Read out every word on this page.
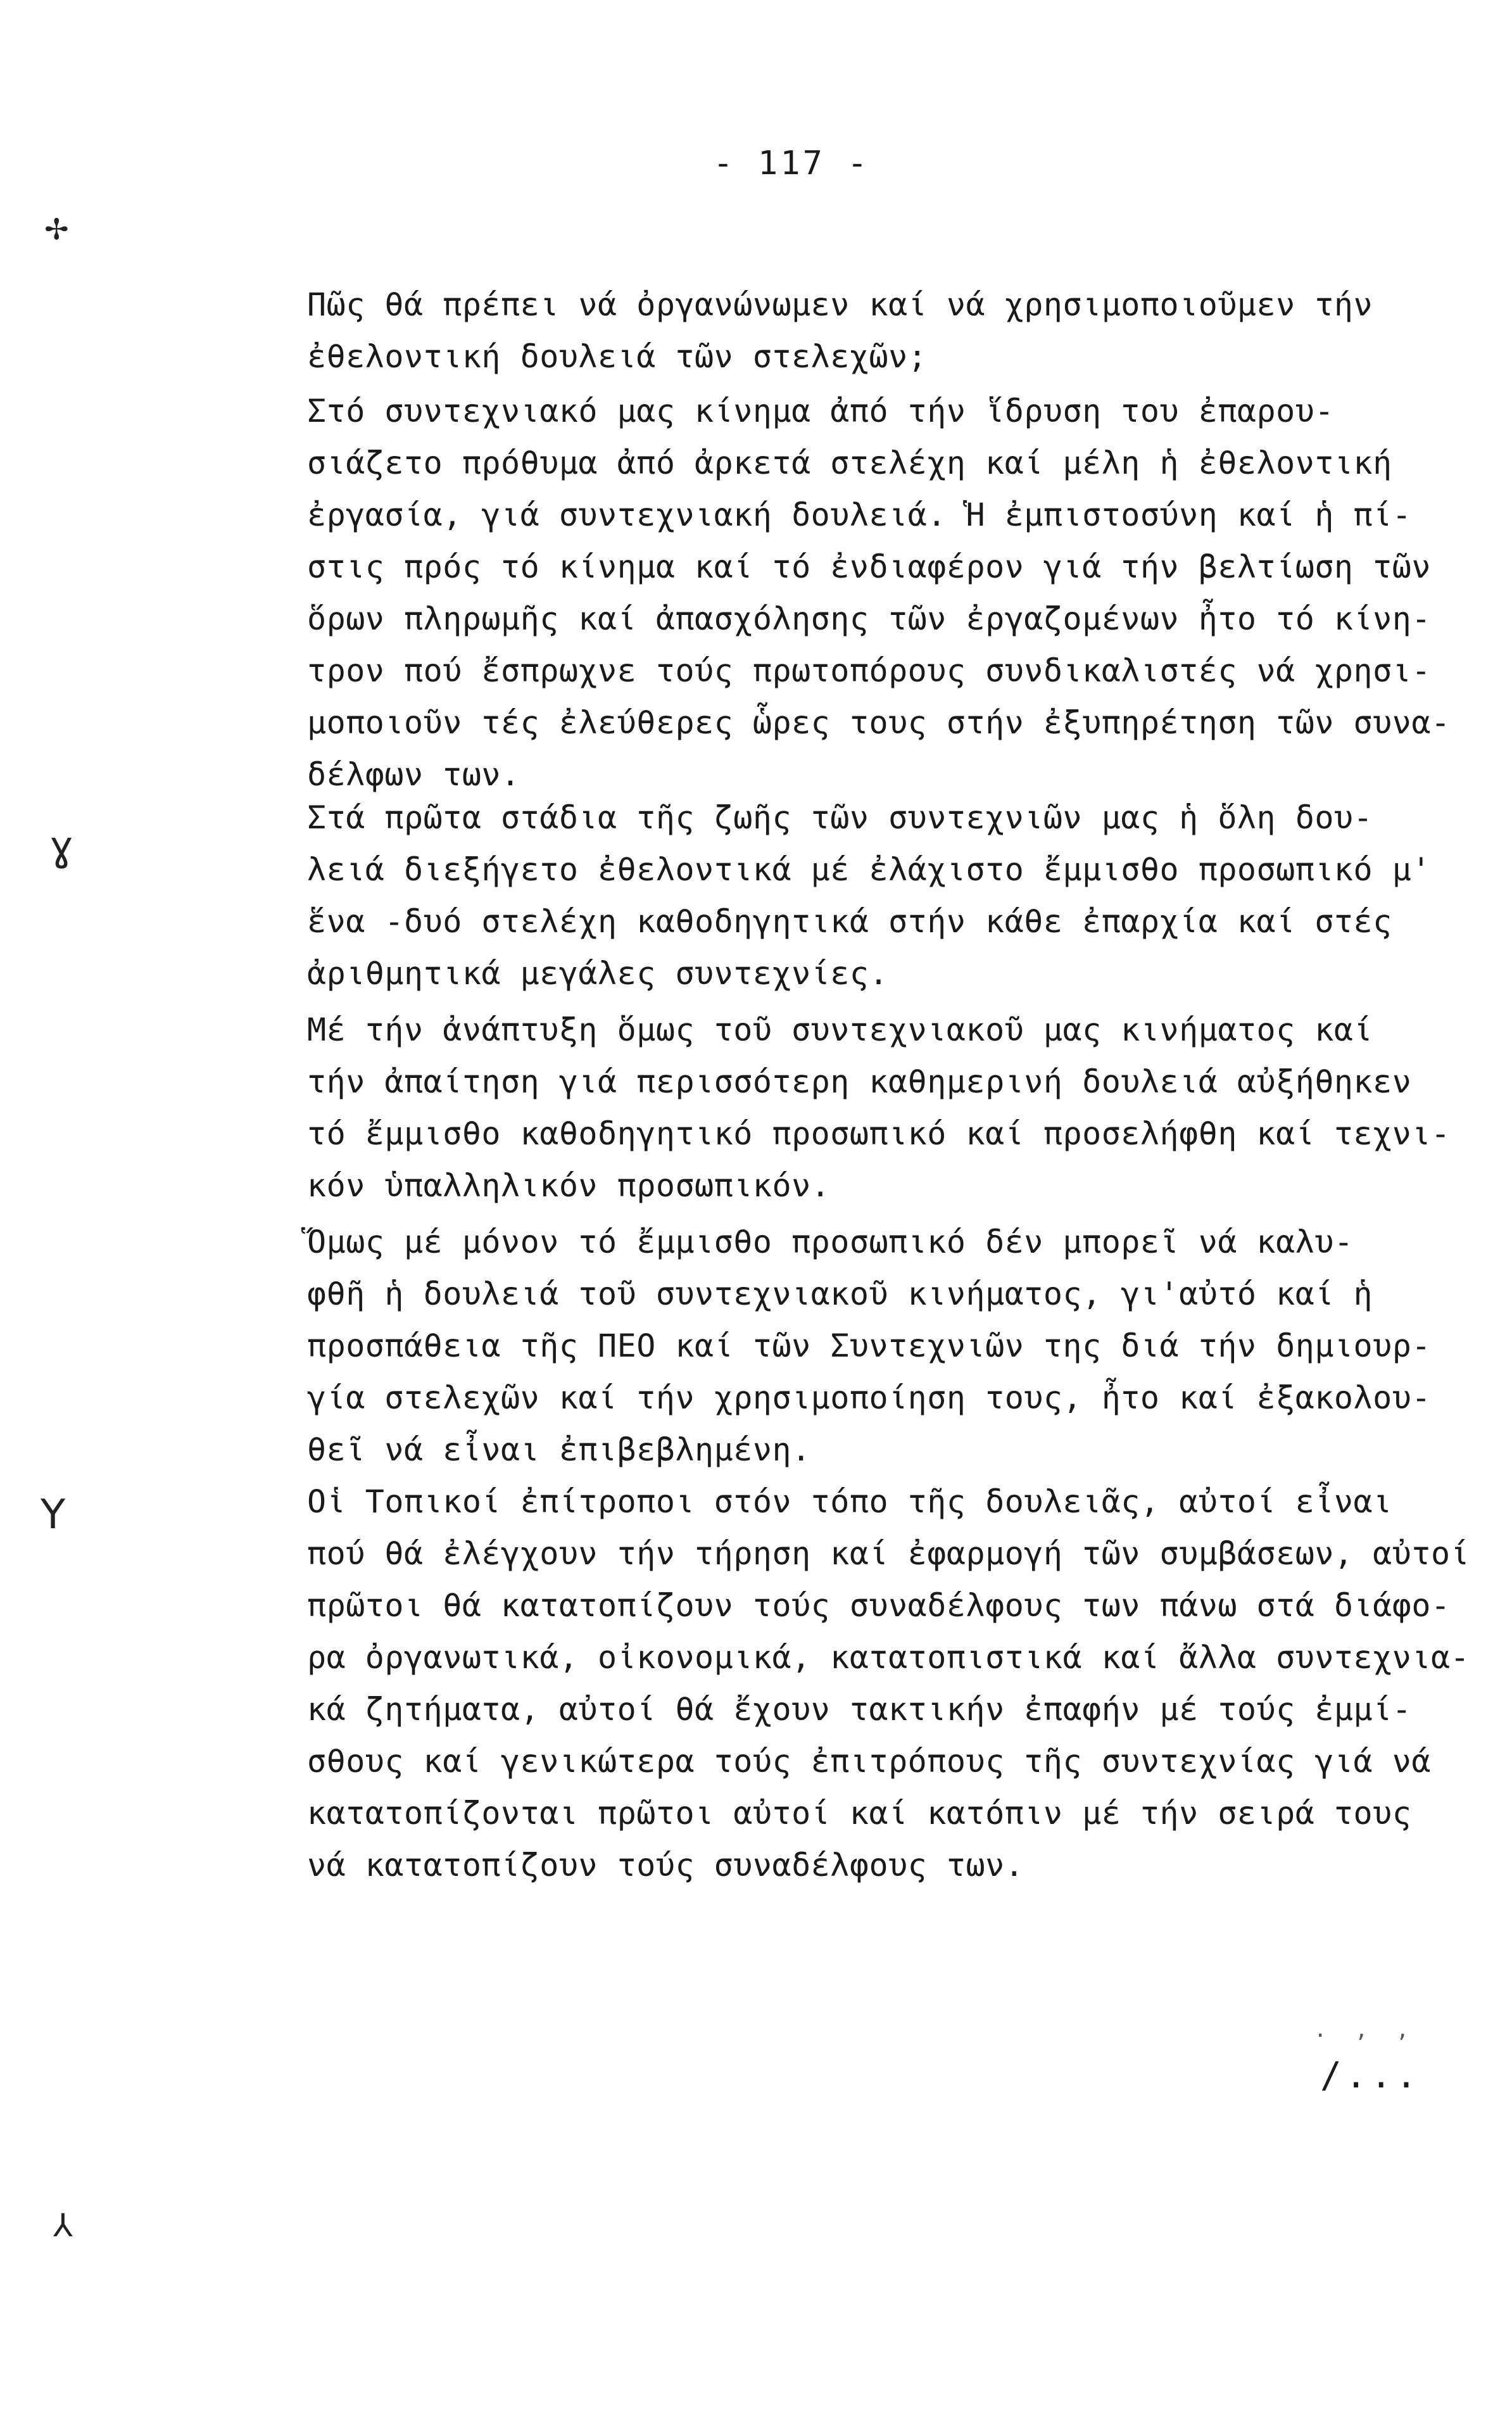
- 117 -
✢
ɣ
Y
⅄
Πῶς θά πρέπει νά ὀργανώνωμεν καί νά χρησιμοποιοῦμεν τήν
ἐθελοντική δουλειά τῶν στελεχῶν;
Στό συντεχνιακό μας κίνημα ἀπό τήν ἵδρυση του ἐπαρου-
σιάζετο πρόθυμα ἀπό ἀρκετά στελέχη καί μέλη ἡ ἐθελοντική
ἐργασία, γιά συντεχνιακή δουλειά. Ἡ ἐμπιστοσύνη καί ἡ πί-
στις πρός τό κίνημα καί τό ἐνδιαφέρον γιά τήν βελτίωση τῶν
ὅρων πληρωμῆς καί ἀπασχόλησης τῶν ἐργαζομένων ἦτο τό κίνη-
τρον πού ἔσπρωχνε τούς πρωτοπόρους συνδικαλιστές νά χρησι-
μοποιοῦν τές ἐλεύθερες ὧρες τους στήν ἐξυπηρέτηση τῶν συνα-
δέλφων των.
Στά πρῶτα στάδια τῆς ζωῆς τῶν συντεχνιῶν μας ἡ ὅλη δου-
λειά διεξήγετο ἐθελοντικά μέ ἐλάχιστο ἔμμισθο προσωπικό μ'
ἕνα -δυό στελέχη καθοδηγητικά στήν κάθε ἐπαρχία καί στές
ἀριθμητικά μεγάλες συντεχνίες.
Μέ τήν ἀνάπτυξη ὅμως τοῦ συντεχνιακοῦ μας κινήματος καί
τήν ἀπαίτηση γιά περισσότερη καθημερινή δουλειά αὐξήθηκεν
τό ἔμμισθο καθοδηγητικό προσωπικό καί προσελήφθη καί τεχνι-
κόν ὑπαλληλικόν προσωπικόν.
Ὅμως μέ μόνον τό ἔμμισθο προσωπικό δέν μπορεῖ νά καλυ-
φθῆ ἡ δουλειά τοῦ συντεχνιακοῦ κινήματος, γι'αὐτό καί ἡ
προσπάθεια τῆς ΠΕΟ καί τῶν Συντεχνιῶν της διά τήν δημιουρ-
γία στελεχῶν καί τήν χρησιμοποίηση τους, ἦτο καί ἐξακολου-
θεῖ νά εἶναι ἐπιβεβλημένη.
Οἱ Τοπικοί ἐπίτροποι στόν τόπο τῆς δουλειᾶς, αὐτοί εἶναι
πού θά ἐλέγχουν τήν τήρηση καί ἐφαρμογή τῶν συμβάσεων, αὐτοί
πρῶτοι θά κατατοπίζουν τούς συναδέλφους των πάνω στά διάφο-
ρα ὀργανωτικά, οἰκονομικά, κατατοπιστικά καί ἄλλα συντεχνια-
κά ζητήματα, αὐτοί θά ἔχουν τακτικήν ἐπαφήν μέ τούς ἐμμί-
σθους καί γενικώτερα τούς ἐπιτρόπους τῆς συντεχνίας γιά νά
κατατοπίζονται πρῶτοι αὐτοί καί κατόπιν μέ τήν σειρά τους
νά κατατοπίζουν τούς συναδέλφους των.
. , ,
/...
